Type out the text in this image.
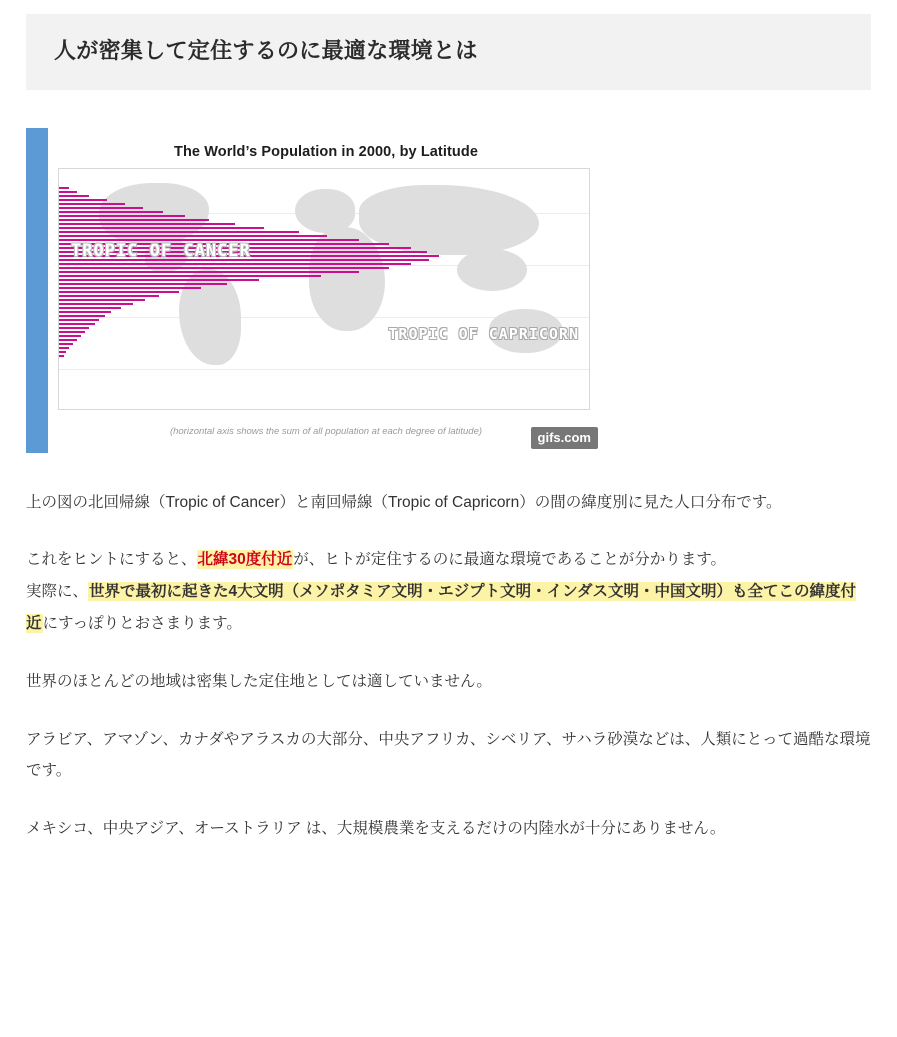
人が密集して定住するのに最適な環境とは
The World’s Population in 2000, by Latitude
TROPIC OF CANCER
TROPIC OF CAPRICORN
(horizontal axis shows the sum of all population at each degree of latitude)	gifs.com

上の図の北回帰線（Tropic of Cancer）と南回帰線（Tropic of Capricorn）の間の緯度別に見た人口分布です。

これをヒントにすると、北緯30度付近が、ヒトが定住するのに最適な環境であることが分かります。

実際に、世界で最初に起きた4大文明（メソポタミア文明・エジプト文明・インダス文明・中国文明）も全てこの緯度付近にすっぽりとおさまります。

世界のほとんどの地域は密集した定住地としては適していません。

アラビア、アマゾン、カナダやアラスカの大部分、中央アフリカ、シベリア、サハラ砂漠などは、人類にとって過酷な環境です。

メキシコ、中央アジア、オーストラリア は、大規模農業を支えるだけの内陸水が十分にありません。
